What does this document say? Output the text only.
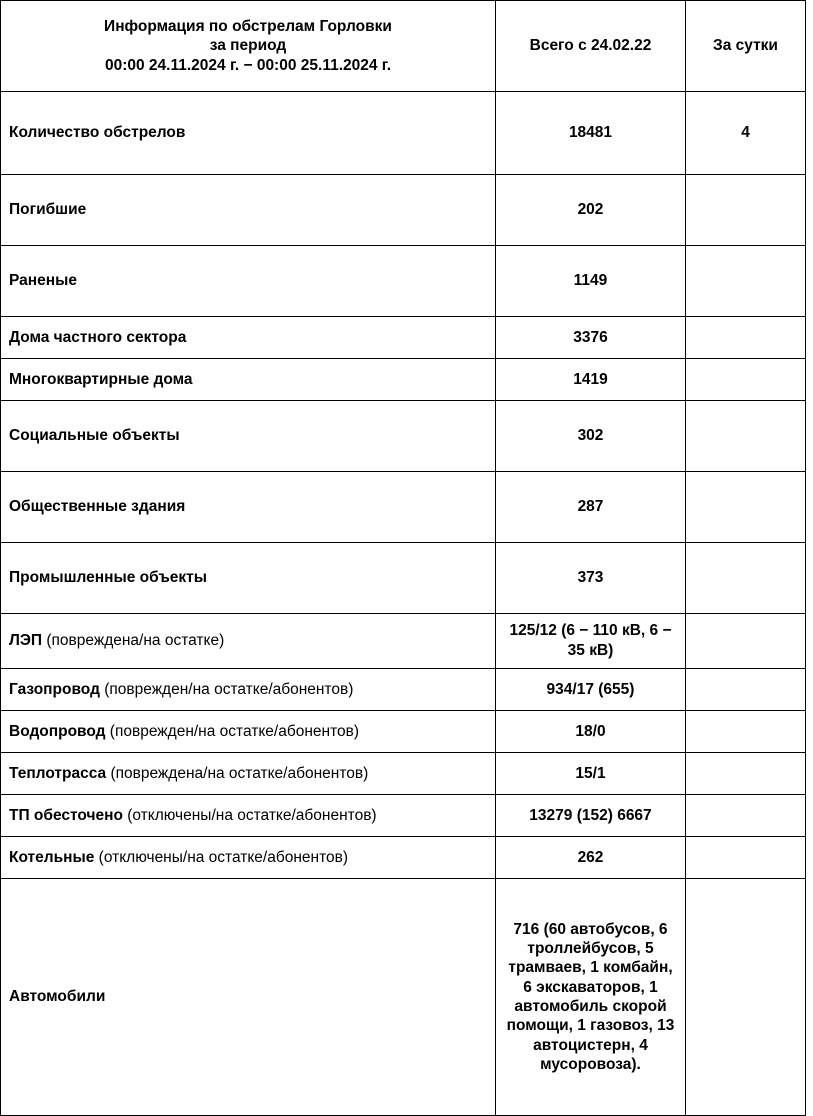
Информация по обстрелам Горловки
за период
00:00 24.11.2024 г. − 00:00 25.11.2024 г.	Всего с 24.02.22	За сутки
Количество обстрелов	18481	4
Погибшие	202	
Раненые	1149	
Дома частного сектора	3376	
Многоквартирные дома	1419	
Социальные объекты	302	
Общественные здания	287	
Промышленные объекты	373	
ЛЭП (повреждена/на остатке)	125/12 (6 − 110 кВ, 6 − 35 кВ)	
Газопровод (поврежден/на остатке/абонентов)	934/17 (655)	
Водопровод (поврежден/на остатке/абонентов)	18/0	
Теплотрасса (повреждена/на остатке/абонентов)	15/1	
ТП обесточено (отключены/на остатке/абонентов)	13279 (152) 6667	
Котельные (отключены/на остатке/абонентов)	262	
Автомобили	716 (60 автобусов, 6 троллейбусов, 5 трамваев, 1 комбайн, 6 экскаваторов, 1 автомобиль скорой помощи, 1 газовоз, 13 автоцистерн, 4 мусоровоза).	
